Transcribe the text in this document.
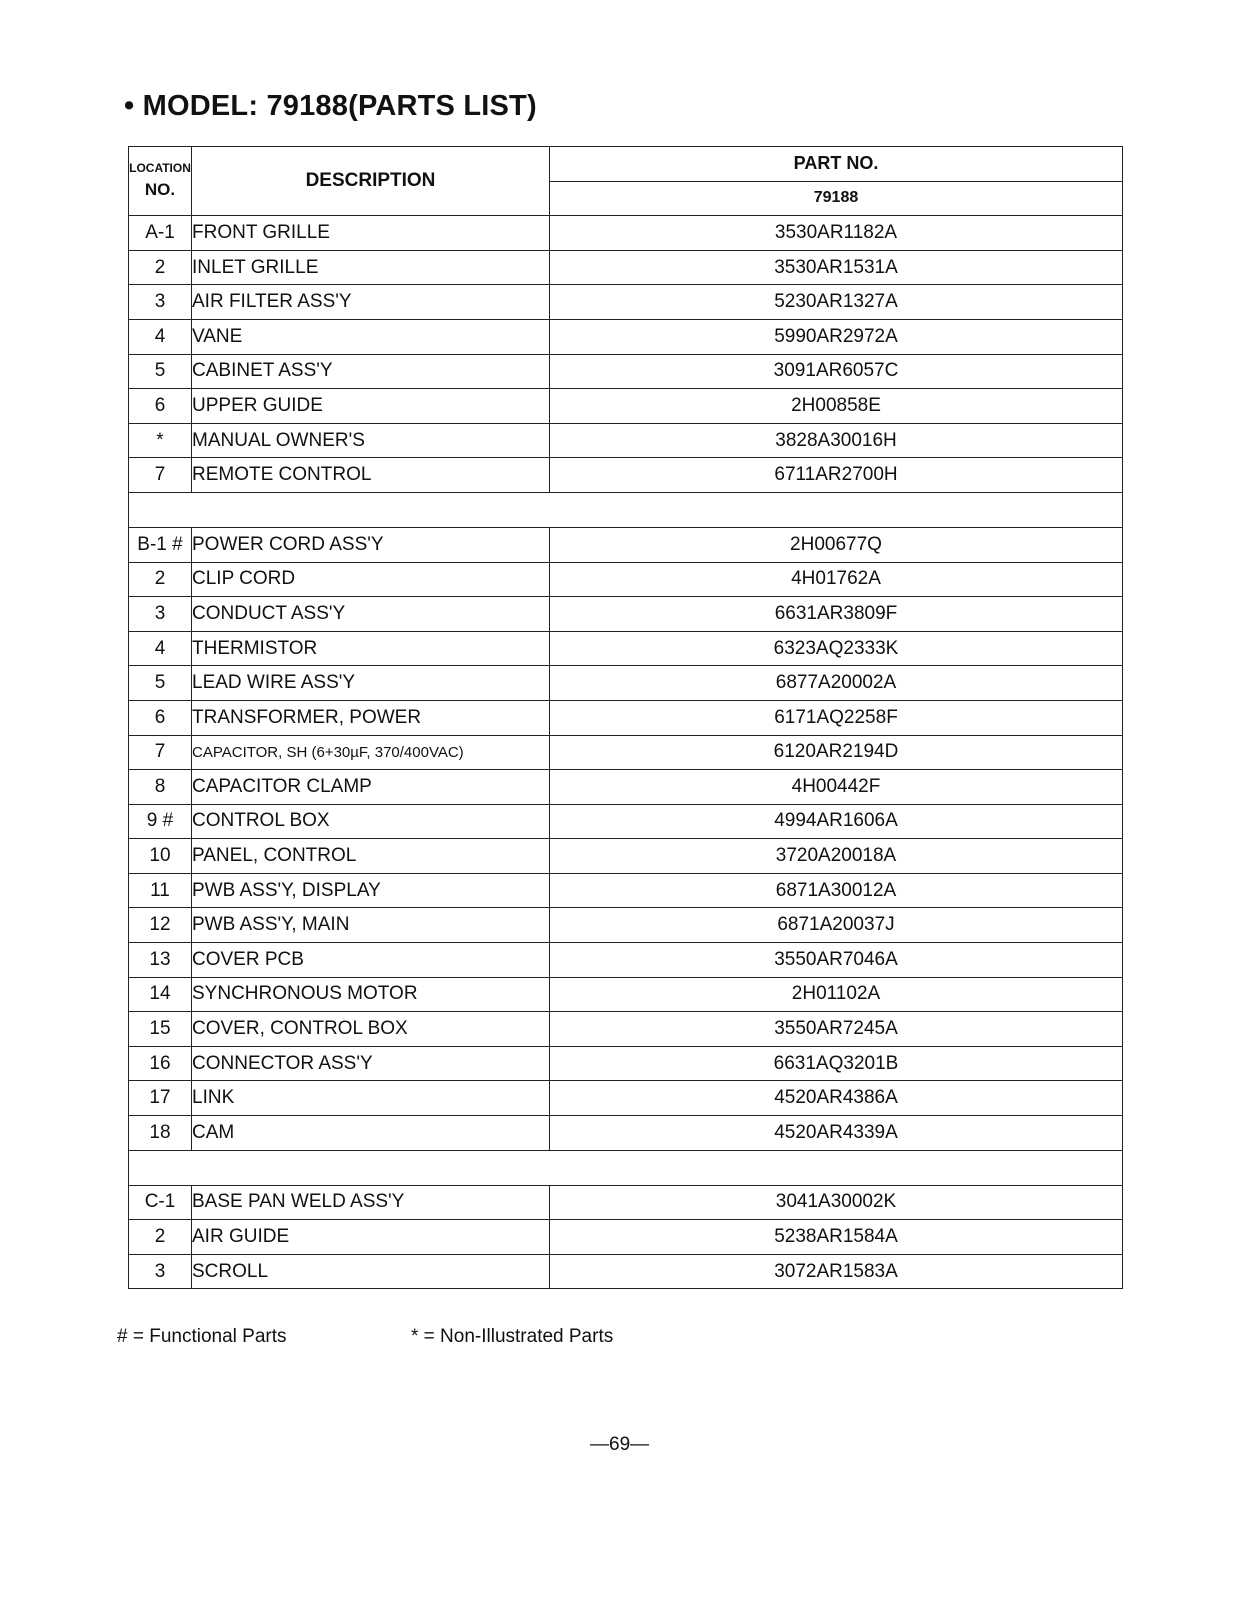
• MODEL: 79188(PARTS LIST)
LOCATION
NO.	DESCRIPTION	PART NO.
		79188
A-1	FRONT GRILLE	3530AR1182A
2	INLET GRILLE	3530AR1531A
3	AIR FILTER ASS'Y	5230AR1327A
4	VANE	5990AR2972A
5	CABINET ASS'Y	3091AR6057C
6	UPPER GUIDE	2H00858E
*	MANUAL OWNER'S	3828A30016H
7	REMOTE CONTROL	6711AR2700H

B-1 #	POWER CORD ASS'Y	2H00677Q
2	CLIP CORD	4H01762A
3	CONDUCT ASS'Y	6631AR3809F
4	THERMISTOR	6323AQ2333K
5	LEAD WIRE ASS'Y	6877A20002A
6	TRANSFORMER, POWER	6171AQ2258F
7	CAPACITOR, SH (6+30µF, 370/400VAC)	6120AR2194D
8	CAPACITOR CLAMP	4H00442F
9 #	CONTROL BOX	4994AR1606A
10	PANEL, CONTROL	3720A20018A
11	PWB ASS'Y, DISPLAY	6871A30012A
12	PWB ASS'Y, MAIN	6871A20037J
13	COVER PCB	3550AR7046A
14	SYNCHRONOUS MOTOR	2H01102A
15	COVER, CONTROL BOX	3550AR7245A
16	CONNECTOR ASS'Y	6631AQ3201B
17	LINK	4520AR4386A
18	CAM	4520AR4339A

C-1	BASE PAN WELD ASS'Y	3041A30002K
2	AIR GUIDE	5238AR1584A
3	SCROLL	3072AR1583A
# = Functional Parts	* = Non-Illustrated Parts
—69—
